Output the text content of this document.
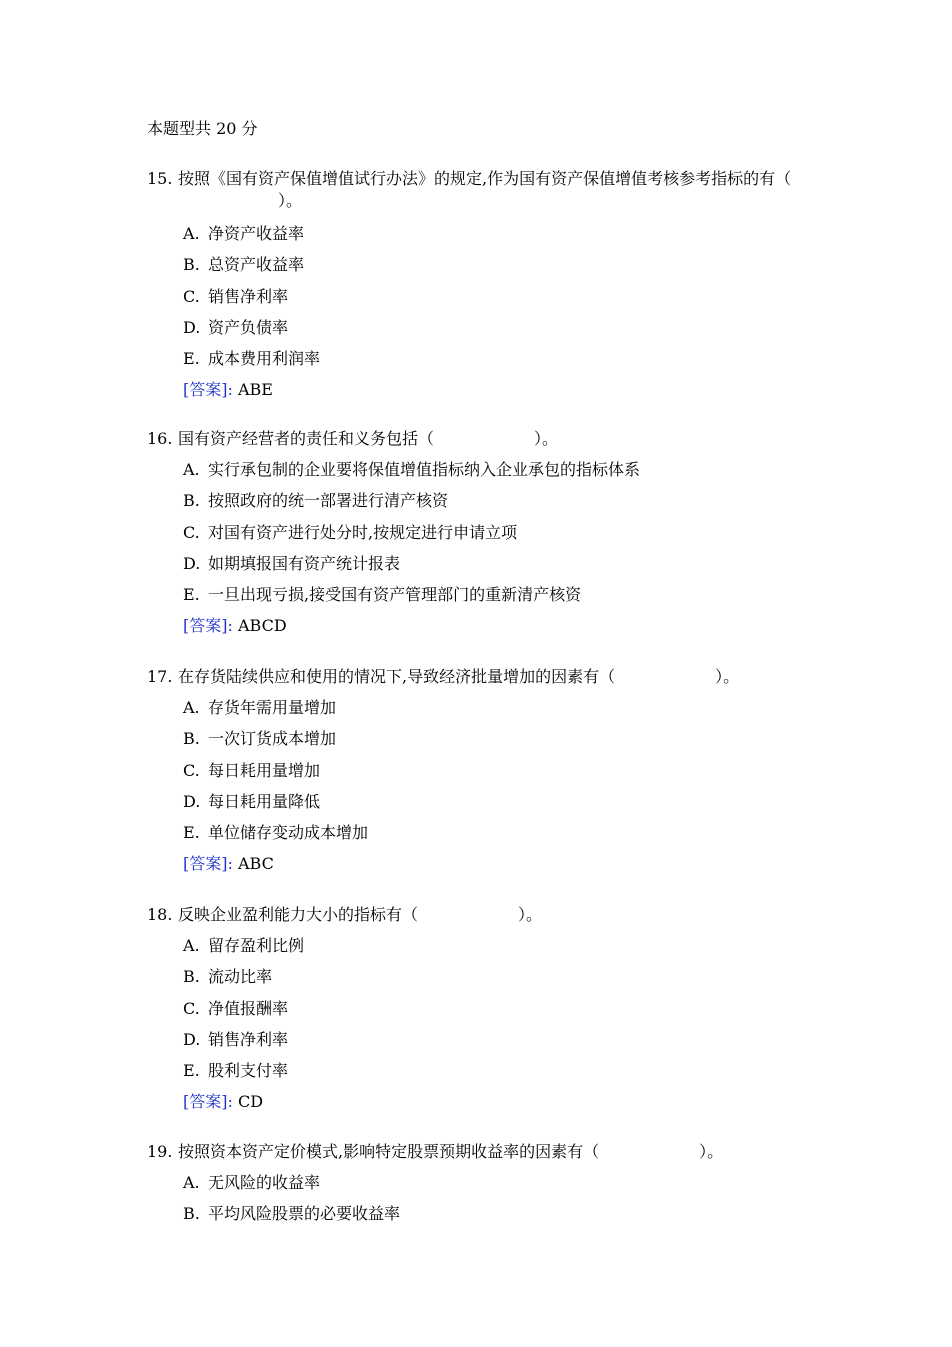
本题型共 20 分
15. 按照《国有资产保值增值试行办法》的规定,作为国有资产保值增值考核参考指标的有（）。
A. 净资产收益率
B. 总资产收益率
C. 销售净利率
D. 资产负债率
E. 成本费用利润率
[答案]: ABE
16. 国有资产经营者的责任和义务包括（	）。
A. 实行承包制的企业要将保值增值指标纳入企业承包的指标体系
B. 按照政府的统一部署进行清产核资
C. 对国有资产进行处分时,按规定进行申请立项
D. 如期填报国有资产统计报表
E. 一旦出现亏损,接受国有资产管理部门的重新清产核资
[答案]: ABCD
17. 在存货陆续供应和使用的情况下,导致经济批量增加的因素有（	）。
A. 存货年需用量增加
B. 一次订货成本增加
C. 每日耗用量增加
D. 每日耗用量降低
E. 单位储存变动成本增加
[答案]: ABC
18. 反映企业盈利能力大小的指标有（	）。
A. 留存盈利比例
B. 流动比率
C. 净值报酬率
D. 销售净利率
E. 股利支付率
[答案]: CD
19. 按照资本资产定价模式,影响特定股票预期收益率的因素有（	）。
A. 无风险的收益率
B. 平均风险股票的必要收益率
